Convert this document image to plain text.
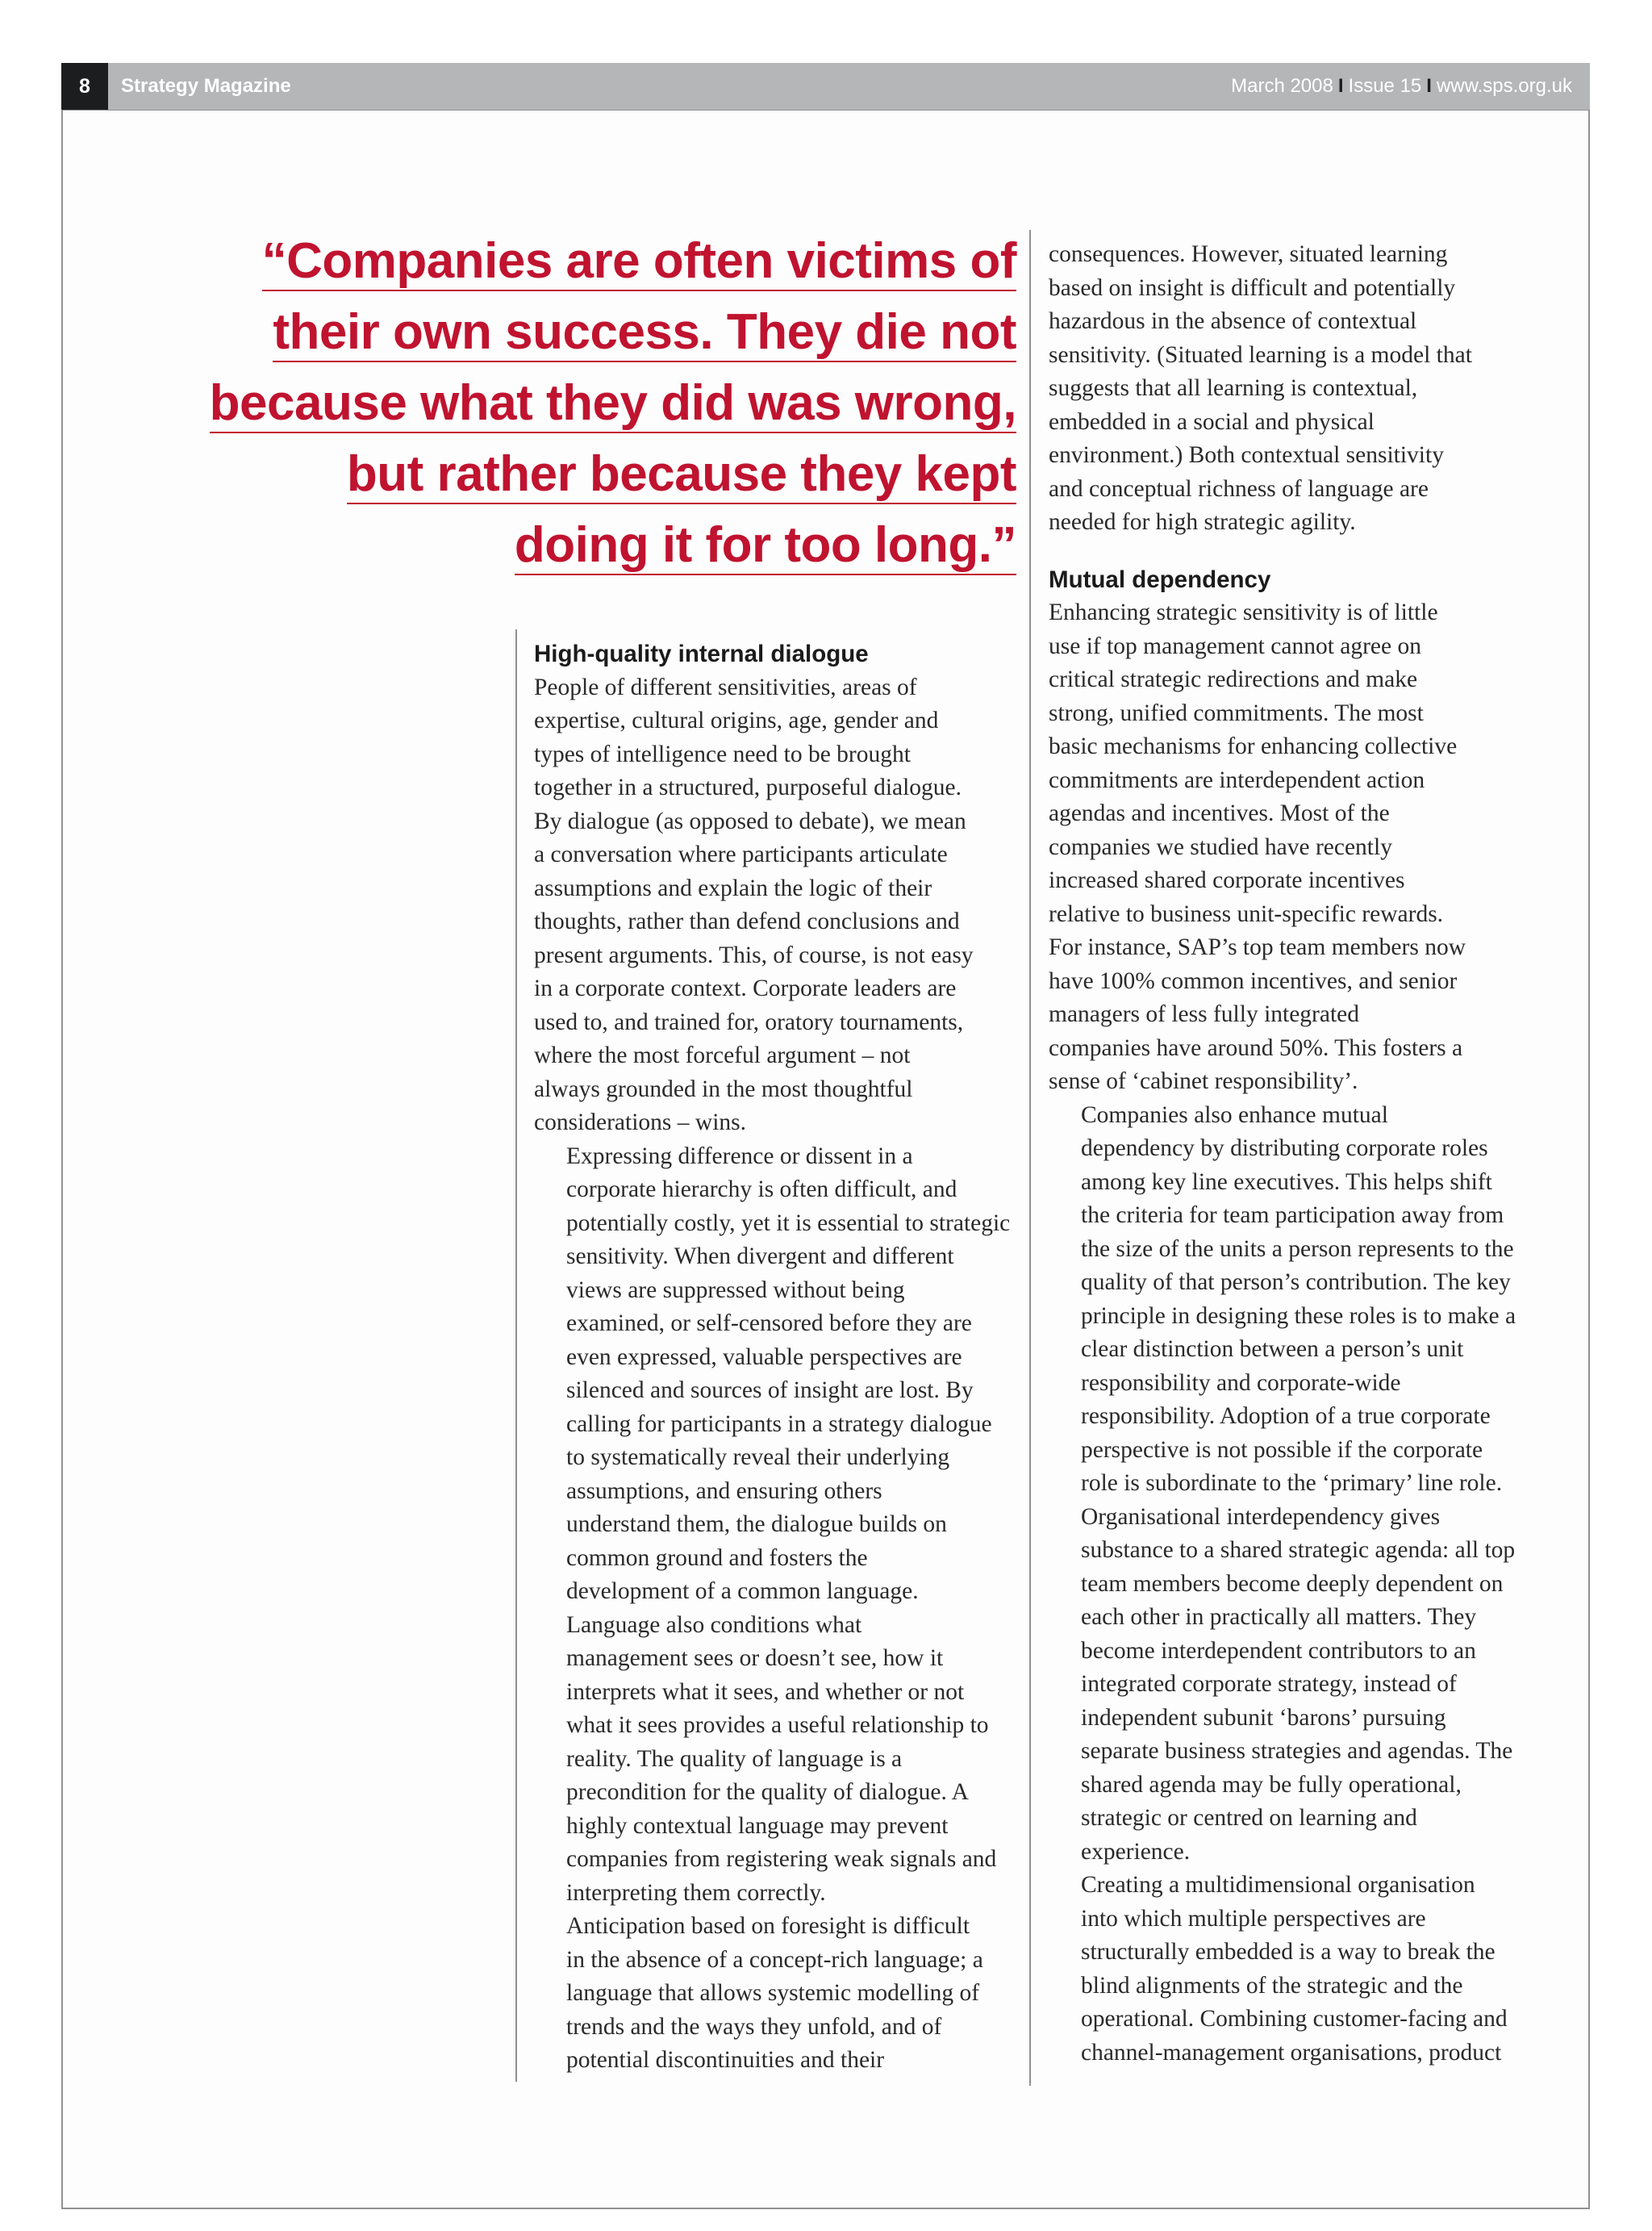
8	Strategy Magazine	March 2008 I Issue 15 I www.sps.org.uk
“Companies are often victims of
their own success. They die not
because what they did was wrong,
but rather because they kept
doing it for too long.”
High-quality internal dialogue

People of different sensitivities, areas of
expertise, cultural origins, age, gender and
types of intelligence need to be brought
together in a structured, purposeful dialogue.
By dialogue (as opposed to debate), we mean
a conversation where participants articulate
assumptions and explain the logic of their
thoughts, rather than defend conclusions and
present arguments. This, of course, is not easy
in a corporate context. Corporate leaders are
used to, and trained for, oratory tournaments,
where the most forceful argument – not
always grounded in the most thoughtful
considerations – wins.

Expressing difference or dissent in a
corporate hierarchy is often difficult, and
potentially costly, yet it is essential to strategic
sensitivity. When divergent and different
views are suppressed without being
examined, or self-censored before they are
even expressed, valuable perspectives are
silenced and sources of insight are lost. By
calling for participants in a strategy dialogue
to systematically reveal their underlying
assumptions, and ensuring others
understand them, the dialogue builds on
common ground and fosters the
development of a common language.

Language also conditions what
management sees or doesn’t see, how it
interprets what it sees, and whether or not
what it sees provides a useful relationship to
reality. The quality of language is a
precondition for the quality of dialogue. A
highly contextual language may prevent
companies from registering weak signals and
interpreting them correctly.

Anticipation based on foresight is difficult
in the absence of a concept-rich language; a
language that allows systemic modelling of
trends and the ways they unfold, and of
potential discontinuities and their

consequences. However, situated learning
based on insight is difficult and potentially
hazardous in the absence of contextual
sensitivity. (Situated learning is a model that
suggests that all learning is contextual,
embedded in a social and physical
environment.) Both contextual sensitivity
and conceptual richness of language are
needed for high strategic agility.

Mutual dependency

Enhancing strategic sensitivity is of little
use if top management cannot agree on
critical strategic redirections and make
strong, unified commitments. The most
basic mechanisms for enhancing collective
commitments are interdependent action
agendas and incentives. Most of the
companies we studied have recently
increased shared corporate incentives
relative to business unit-specific rewards.
For instance, SAP’s top team members now
have 100% common incentives, and senior
managers of less fully integrated
companies have around 50%. This fosters a
sense of ‘cabinet responsibility’.

Companies also enhance mutual
dependency by distributing corporate roles
among key line executives. This helps shift
the criteria for team participation away from
the size of the units a person represents to the
quality of that person’s contribution. The key
principle in designing these roles is to make a
clear distinction between a person’s unit
responsibility and corporate-wide
responsibility. Adoption of a true corporate
perspective is not possible if the corporate
role is subordinate to the ‘primary’ line role.

Organisational interdependency gives
substance to a shared strategic agenda: all top
team members become deeply dependent on
each other in practically all matters. They
become interdependent contributors to an
integrated corporate strategy, instead of
independent subunit ‘barons’ pursuing
separate business strategies and agendas. The
shared agenda may be fully operational,
strategic or centred on learning and
experience.

Creating a multidimensional organisation
into which multiple perspectives are
structurally embedded is a way to break the
blind alignments of the strategic and the
operational. Combining customer-facing and
channel-management organisations, product
